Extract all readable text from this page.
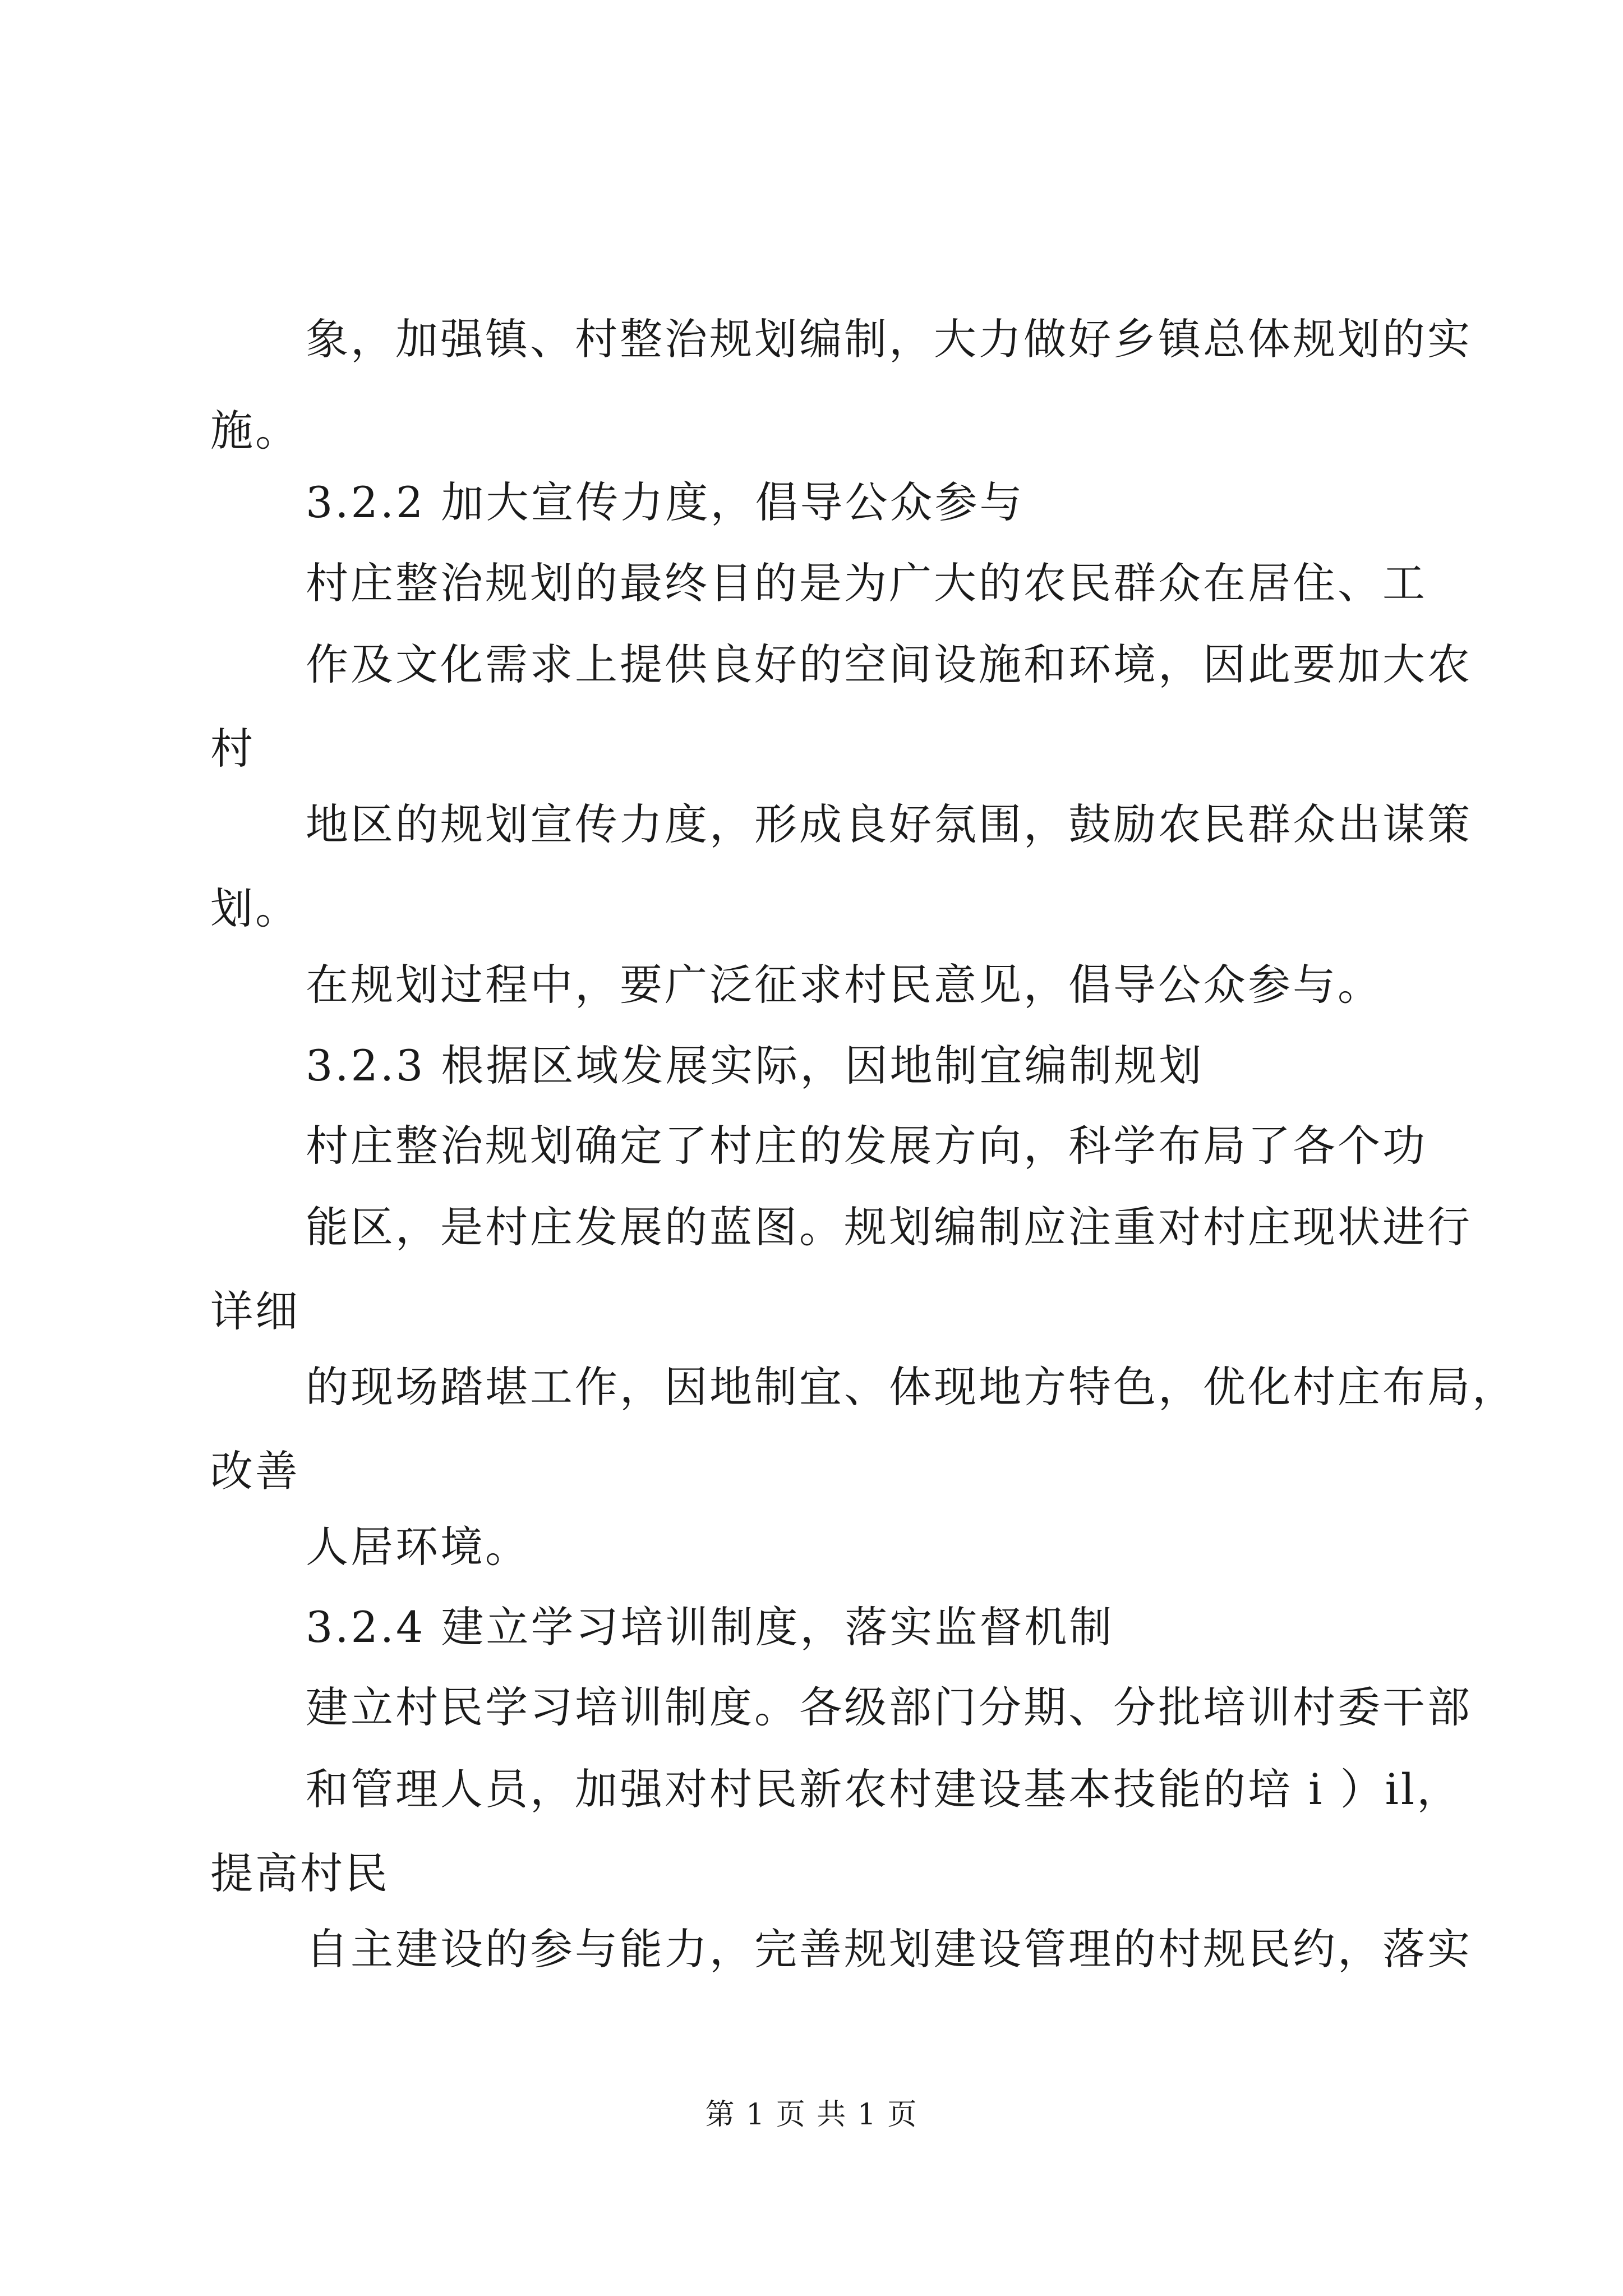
象，加强镇、村整治规划编制，大力做好乡镇总体规划的实
施。
3.2.2 加大宣传力度，倡导公众参与
村庄整治规划的最终目的是为广大的农民群众在居住、工
作及文化需求上提供良好的空间设施和环境，因此要加大农
村
地区的规划宣传力度，形成良好氛围，鼓励农民群众出谋策
划。
在规划过程中，要广泛征求村民意见，倡导公众参与。
3.2.3 根据区域发展实际，因地制宜编制规划
村庄整治规划确定了村庄的发展方向，科学布局了各个功
能区，是村庄发展的蓝图。规划编制应注重对村庄现状进行
详细
的现场踏堪工作，因地制宜、体现地方特色，优化村庄布局，
改善
人居环境。
3.2.4 建立学习培训制度，落实监督机制
建立村民学习培训制度。各级部门分期、分批培训村委干部
和管理人员，加强对村民新农村建设基本技能的培 i ）il，
提高村民
自主建设的参与能力，完善规划建设管理的村规民约，落实
第 1 页 共 1 页
